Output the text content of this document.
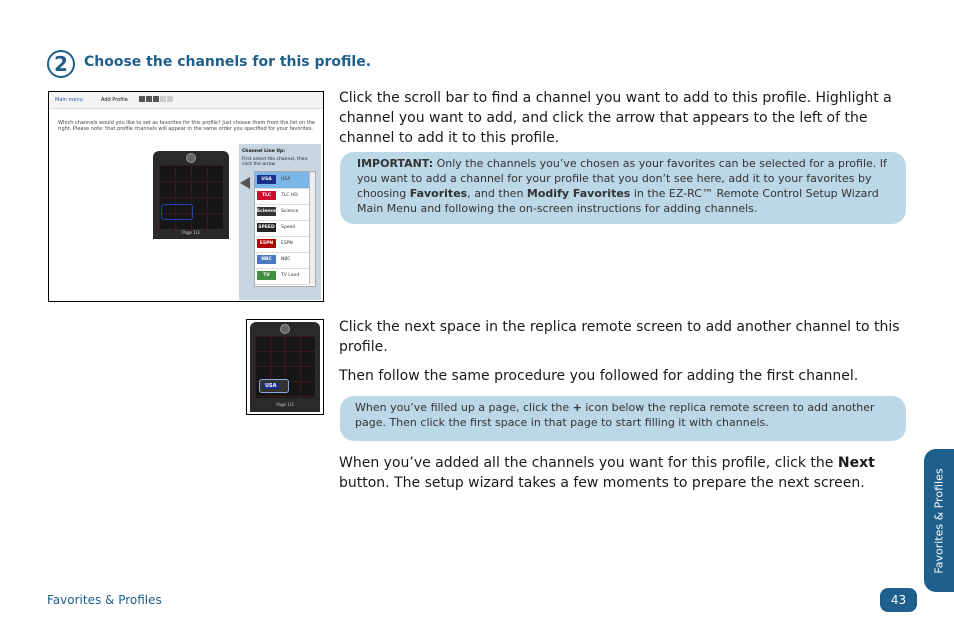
2	Choose the channels for this profile.
Main menu	Add Profile
Which channels would you like to set as favorites for this profile? Just choose them from the list on the right. Please note: that profile channels will appear in the same order you specified for your favorites.
Page 1/3
Channel Line Up:
First select the channel, then click the arrow
USA	USA
TLC	TLC HD
Science Science
SPEED Speed
ESPN	ESPN
NBC	NBC
TV	TV Land
Click the scroll bar to find a channel you want to add to this profile. Highlight a channel you want to add, and click the arrow that appears to the left of the channel to add it to this profile.
IMPORTANT: Only the channels you’ve chosen as your favorites can be selected for a profile. If you want to add a channel for your profile that you don’t see here, add it to your favorites by choosing Favorites, and then Modify Favorites in the EZ-RC™ Remote Control Setup Wizard Main Menu and following the on-screen instructions for adding channels.
USA
Page 1/3
Click the next space in the replica remote screen to add another channel to this profile.
Then follow the same procedure you followed for adding the first channel.
When you’ve filled up a page, click the + icon below the replica remote screen to add another page. Then click the first space in that page to start filling it with channels.
When you’ve added all the channels you want for this profile, click the Next button. The setup wizard takes a few moments to prepare the next screen.	Favorites & Profiles
Favorites & Profiles	43
